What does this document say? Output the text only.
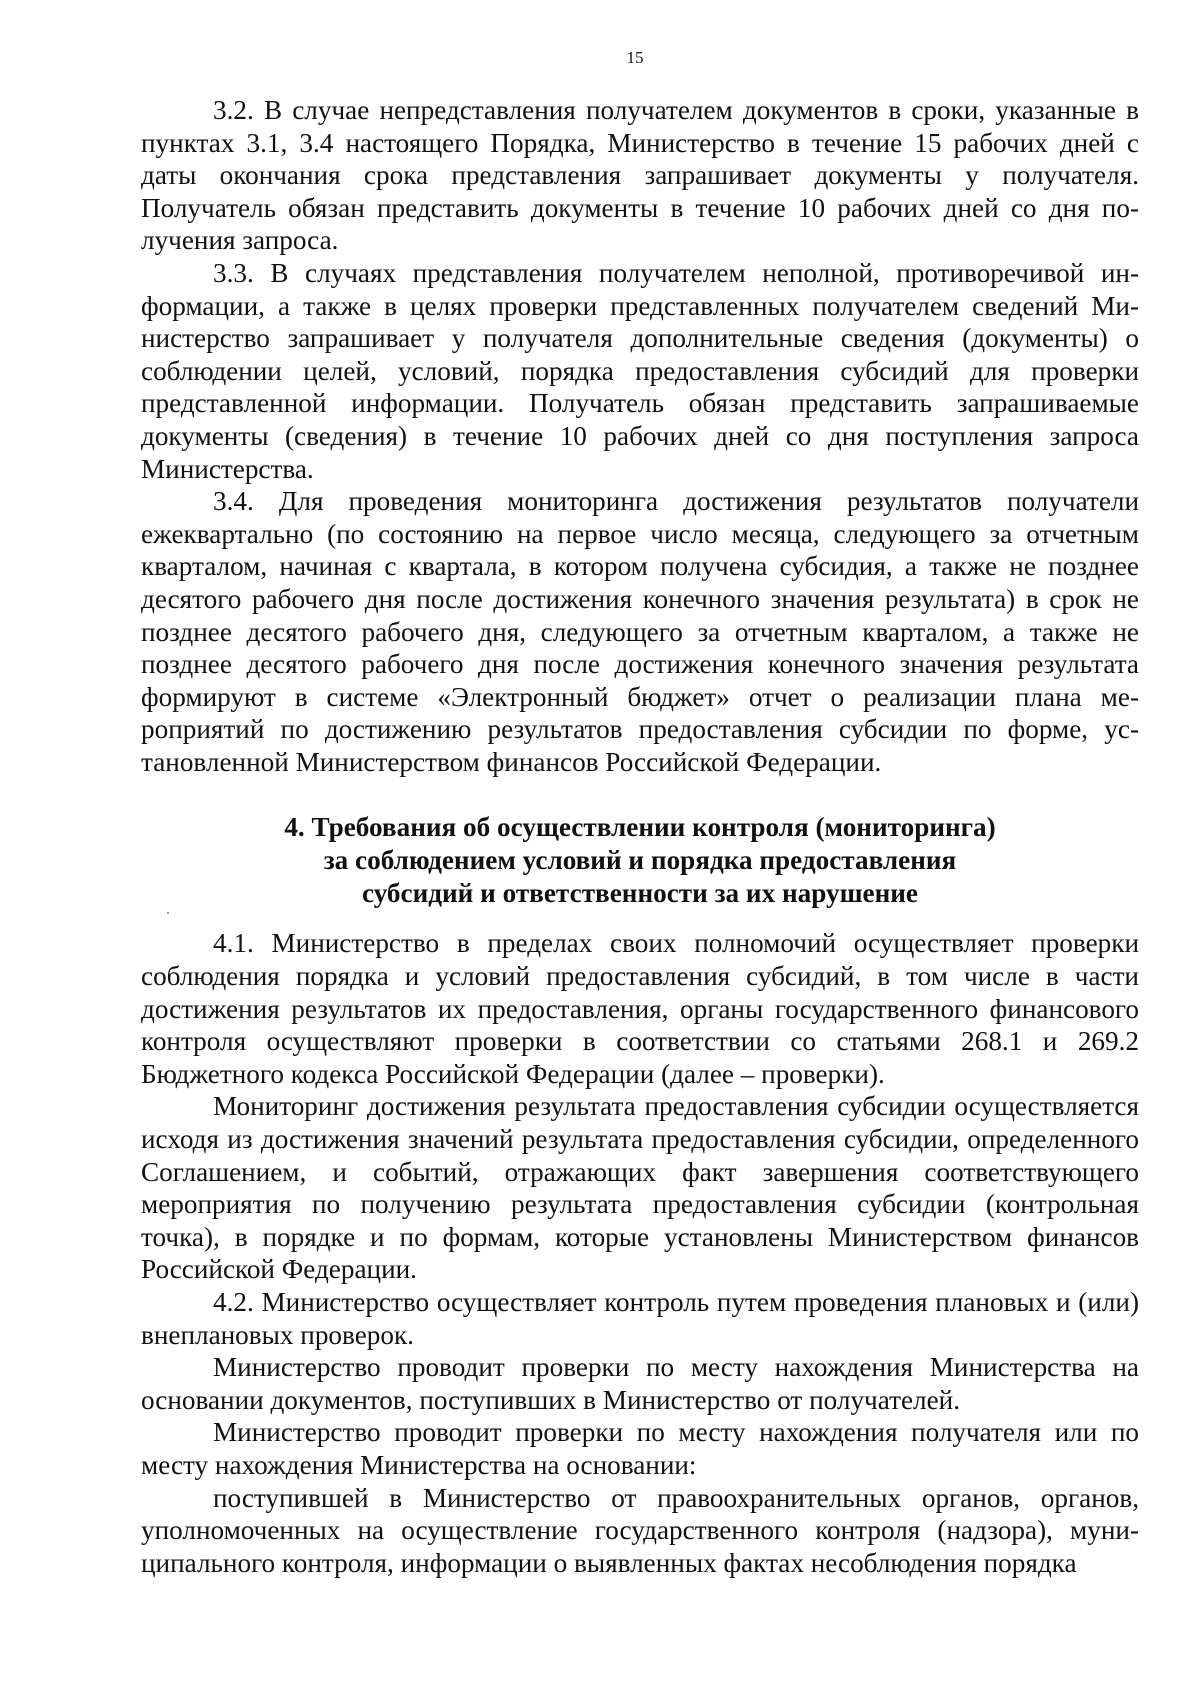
15

3.2. В случае непредставления получателем документов в сроки, указанные в пунктах 3.1, 3.4 настоящего Порядка, Министерство в течение 15 рабочих дней с даты окончания срока представления запрашивает документы у получателя. Получатель обязан представить документы в течение 10 рабочих дней со дня получения запроса.

3.3. В случаях представления получателем неполной, противоречивой информации, а также в целях проверки представленных получателем сведений Министерство запрашивает у получателя дополнительные сведения (документы) о соблюдении целей, условий, порядка предоставления субсидий для проверки представленной информации. Получатель обязан представить запрашиваемые документы (сведения) в течение 10 рабочих дней со дня поступления запроса Министерства.

3.4. Для проведения мониторинга достижения результатов получатели ежеквартально (по состоянию на первое число месяца, следующего за отчетным кварталом, начиная с квартала, в котором получена субсидия, а также не позднее десятого рабочего дня после достижения конечного значения результата) в срок не позднее десятого рабочего дня, следующего за отчетным кварталом, а также не позднее десятого рабочего дня после достижения конечного значения результата формируют в системе «Электронный бюджет» отчет о реализации плана мероприятий по достижению результатов предоставления субсидии по форме, установленной Министерством финансов Российской Федерации.

4. Требования об осуществлении контроля (мониторинга)
за соблюдением условий и порядка предоставления
субсидий и ответственности за их нарушение

4.1. Министерство в пределах своих полномочий осуществляет проверки соблюдения порядка и условий предоставления субсидий, в том числе в части достижения результатов их предоставления, органы государственного финансового контроля осуществляют проверки в соответствии со статьями 268.1 и 269.2 Бюджетного кодекса Российской Федерации (далее – проверки).

Мониторинг достижения результата предоставления субсидии осуществляется исходя из достижения значений результата предоставления субсидии, определенного Соглашением, и событий, отражающих факт завершения соответствующего мероприятия по получению результата предоставления субсидии (контрольная точка), в порядке и по формам, которые установлены Министерством финансов Российской Федерации.

4.2. Министерство осуществляет контроль путем проведения плановых и (или) внеплановых проверок.

Министерство проводит проверки по месту нахождения Министерства на основании документов, поступивших в Министерство от получателей.

Министерство проводит проверки по месту нахождения получателя или по месту нахождения Министерства на основании:

поступившей в Министерство от правоохранительных органов, органов, уполномоченных на осуществление государственного контроля (надзора), муниципального контроля, информации о выявленных фактах несоблюдения порядка
